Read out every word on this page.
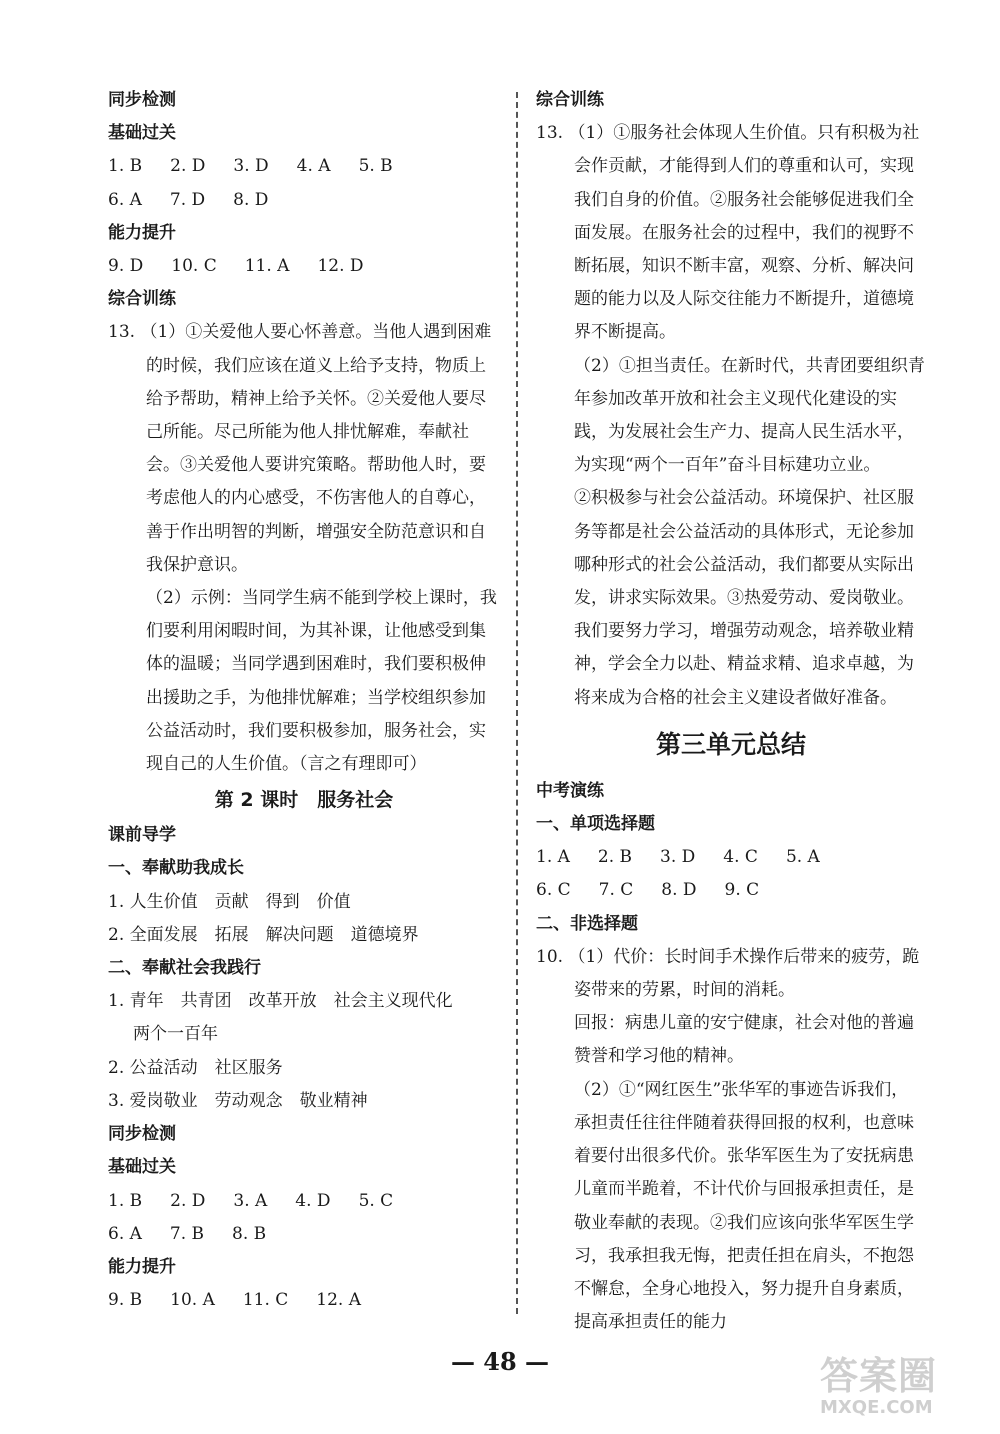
同步检测
基础过关
1. B 2. D 3. D 4. A 5. B
6. A 7. D 8. D
能力提升
9. D 10. C 11. A 12. D
综合训练
13. （1）①关爱他人要心怀善意。当他人遇到困难
的时候，我们应该在道义上给予支持，物质上
给予帮助，精神上给予关怀。②关爱他人要尽
己所能。尽己所能为他人排忧解难，奉献社
会。③关爱他人要讲究策略。帮助他人时，要
考虑他人的内心感受，不伤害他人的自尊心，
善于作出明智的判断，增强安全防范意识和自
我保护意识。
（2）示例：当同学生病不能到学校上课时，我
们要利用闲暇时间，为其补课，让他感受到集
体的温暖；当同学遇到困难时，我们要积极伸
出援助之手，为他排忧解难；当学校组织参加
公益活动时，我们要积极参加，服务社会，实
现自己的人生价值。（言之有理即可）
第 2 课时　服务社会
课前导学
一、奉献助我成长
1. 人生价值　贡献　得到　价值
2. 全面发展　拓展　解决问题　道德境界
二、奉献社会我践行
1. 青年　共青团　改革开放　社会主义现代化
两个一百年
2. 公益活动　社区服务
3. 爱岗敬业　劳动观念　敬业精神
同步检测
基础过关
1. B 2. D 3. A 4. D 5. C
6. A 7. B 8. B
能力提升
9. B 10. A 11. C 12. A
综合训练
13. （1）①服务社会体现人生价值。只有积极为社
会作贡献，才能得到人们的尊重和认可，实现
我们自身的价值。②服务社会能够促进我们全
面发展。在服务社会的过程中，我们的视野不
断拓展，知识不断丰富，观察、分析、解决问
题的能力以及人际交往能力不断提升，道德境
界不断提高。
（2）①担当责任。在新时代，共青团要组织青
年参加改革开放和社会主义现代化建设的实
践，为发展社会生产力、提高人民生活水平，
为实现“两个一百年”奋斗目标建功立业。
②积极参与社会公益活动。环境保护、社区服
务等都是社会公益活动的具体形式，无论参加
哪种形式的社会公益活动，我们都要从实际出
发，讲求实际效果。③热爱劳动、爱岗敬业。
我们要努力学习，增强劳动观念，培养敬业精
神，学会全力以赴、精益求精、追求卓越，为
将来成为合格的社会主义建设者做好准备。
第三单元总结
中考演练
一、单项选择题
1. A 2. B 3. D 4. C 5. A
6. C 7. C 8. D 9. C
二、非选择题
10. （1）代价：长时间手术操作后带来的疲劳，跪
姿带来的劳累，时间的消耗。
回报：病患儿童的安宁健康，社会对他的普遍
赞誉和学习他的精神。
（2）①“网红医生”张华军的事迹告诉我们，
承担责任往往伴随着获得回报的权利，也意味
着要付出很多代价。张华军医生为了安抚病患
儿童而半跪着，不计代价与回报承担责任，是
敬业奉献的表现。②我们应该向张华军医生学
习，我承担我无悔，把责任担在肩头，不抱怨
不懈怠，全身心地投入，努力提升自身素质，
提高承担责任的能力
— 48 —	答案圈
MXQE.COM
